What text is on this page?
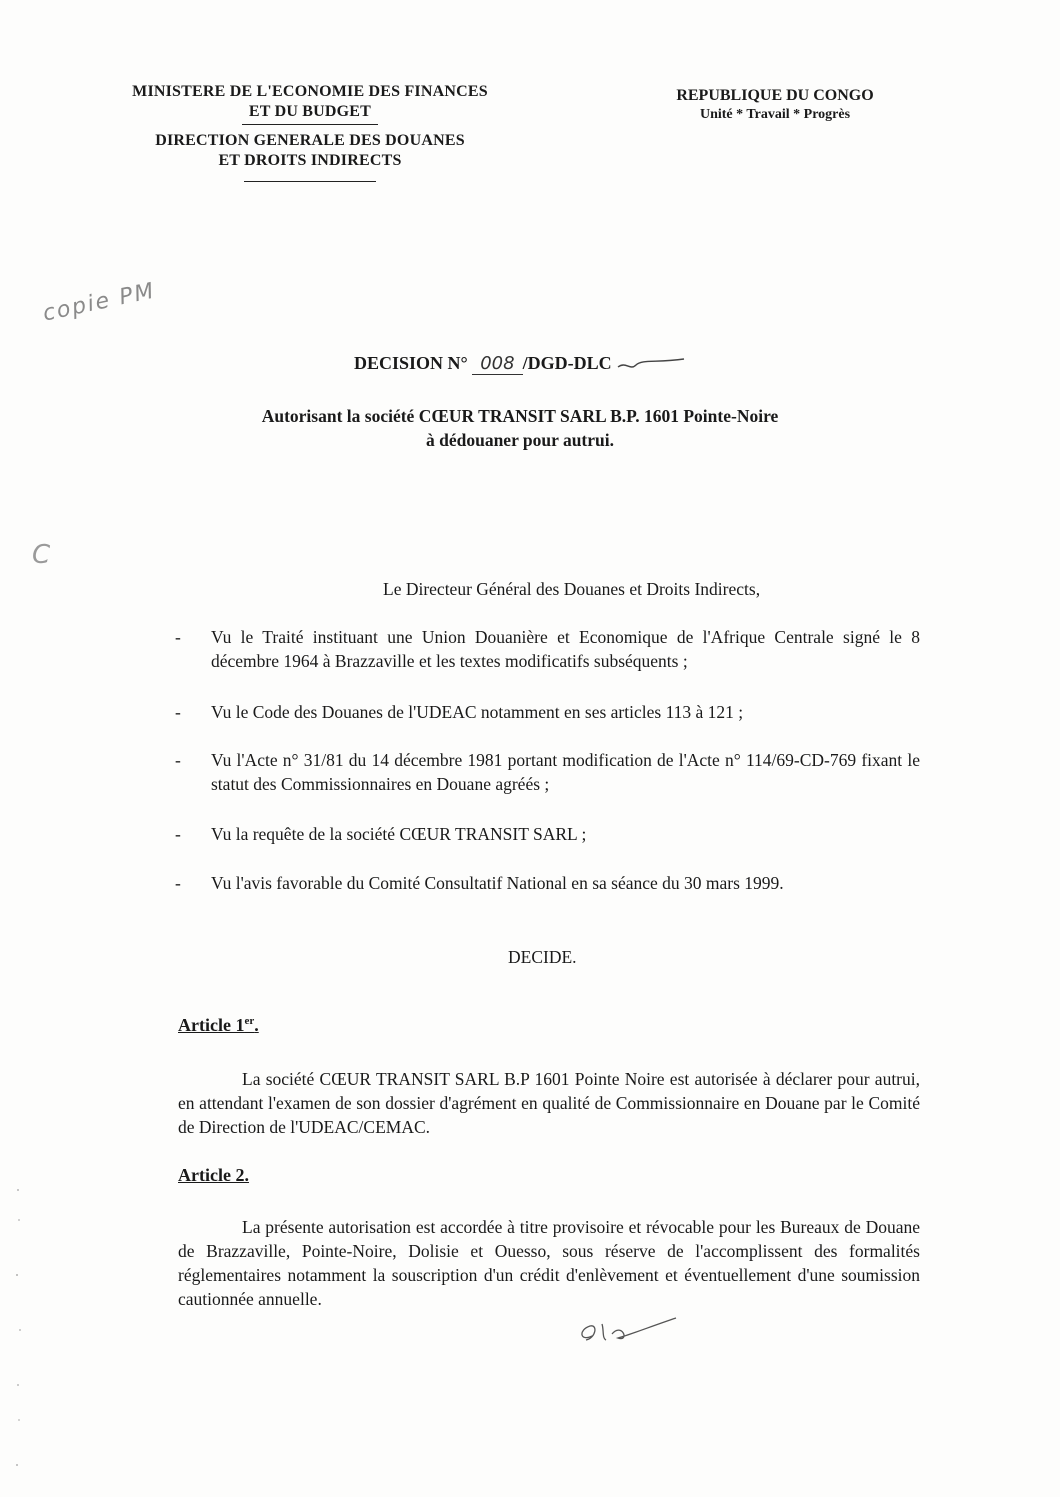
MINISTERE DE L'ECONOMIE DES FINANCES
ET DU BUDGET
DIRECTION GENERALE DES DOUANES
ET DROITS INDIRECTS
REPUBLIQUE DU CONGO
Unité * Travail * Progrès
copie PM
C
DECISION N° 008 /DGD-DLC
Autorisant la société CŒUR TRANSIT SARL B.P. 1601 Pointe-Noire
à dédouaner pour autrui.
Le Directeur Général des Douanes et Droits Indirects,
- Vu le Traité instituant une Union Douanière et Economique de l'Afrique Centrale signé le 8 décembre 1964 à Brazzaville et les textes modificatifs subséquents ;
- Vu le Code des Douanes de l'UDEAC notamment en ses articles 113 à 121 ;
- Vu l'Acte n° 31/81 du 14 décembre 1981 portant modification de l'Acte n° 114/69-CD-769 fixant le statut des Commissionnaires en Douane agréés ;
- Vu la requête de la société CŒUR TRANSIT SARL ;
- Vu l'avis favorable du Comité Consultatif National en sa séance du 30 mars 1999.
DECIDE.
Article 1er.
La société CŒUR TRANSIT SARL B.P 1601 Pointe Noire est autorisée à déclarer pour autrui, en attendant l'examen de son dossier d'agrément en qualité de Commissionnaire en Douane par le Comité de Direction de l'UDEAC/CEMAC.
Article 2.
La présente autorisation est accordée à titre provisoire et révocable pour les Bureaux de Douane de Brazzaville, Pointe-Noire, Dolisie et Ouesso, sous réserve de l'accomplissent des formalités réglementaires notamment la souscription d'un crédit d'enlèvement et éventuellement d'une soumission cautionnée annuelle.
